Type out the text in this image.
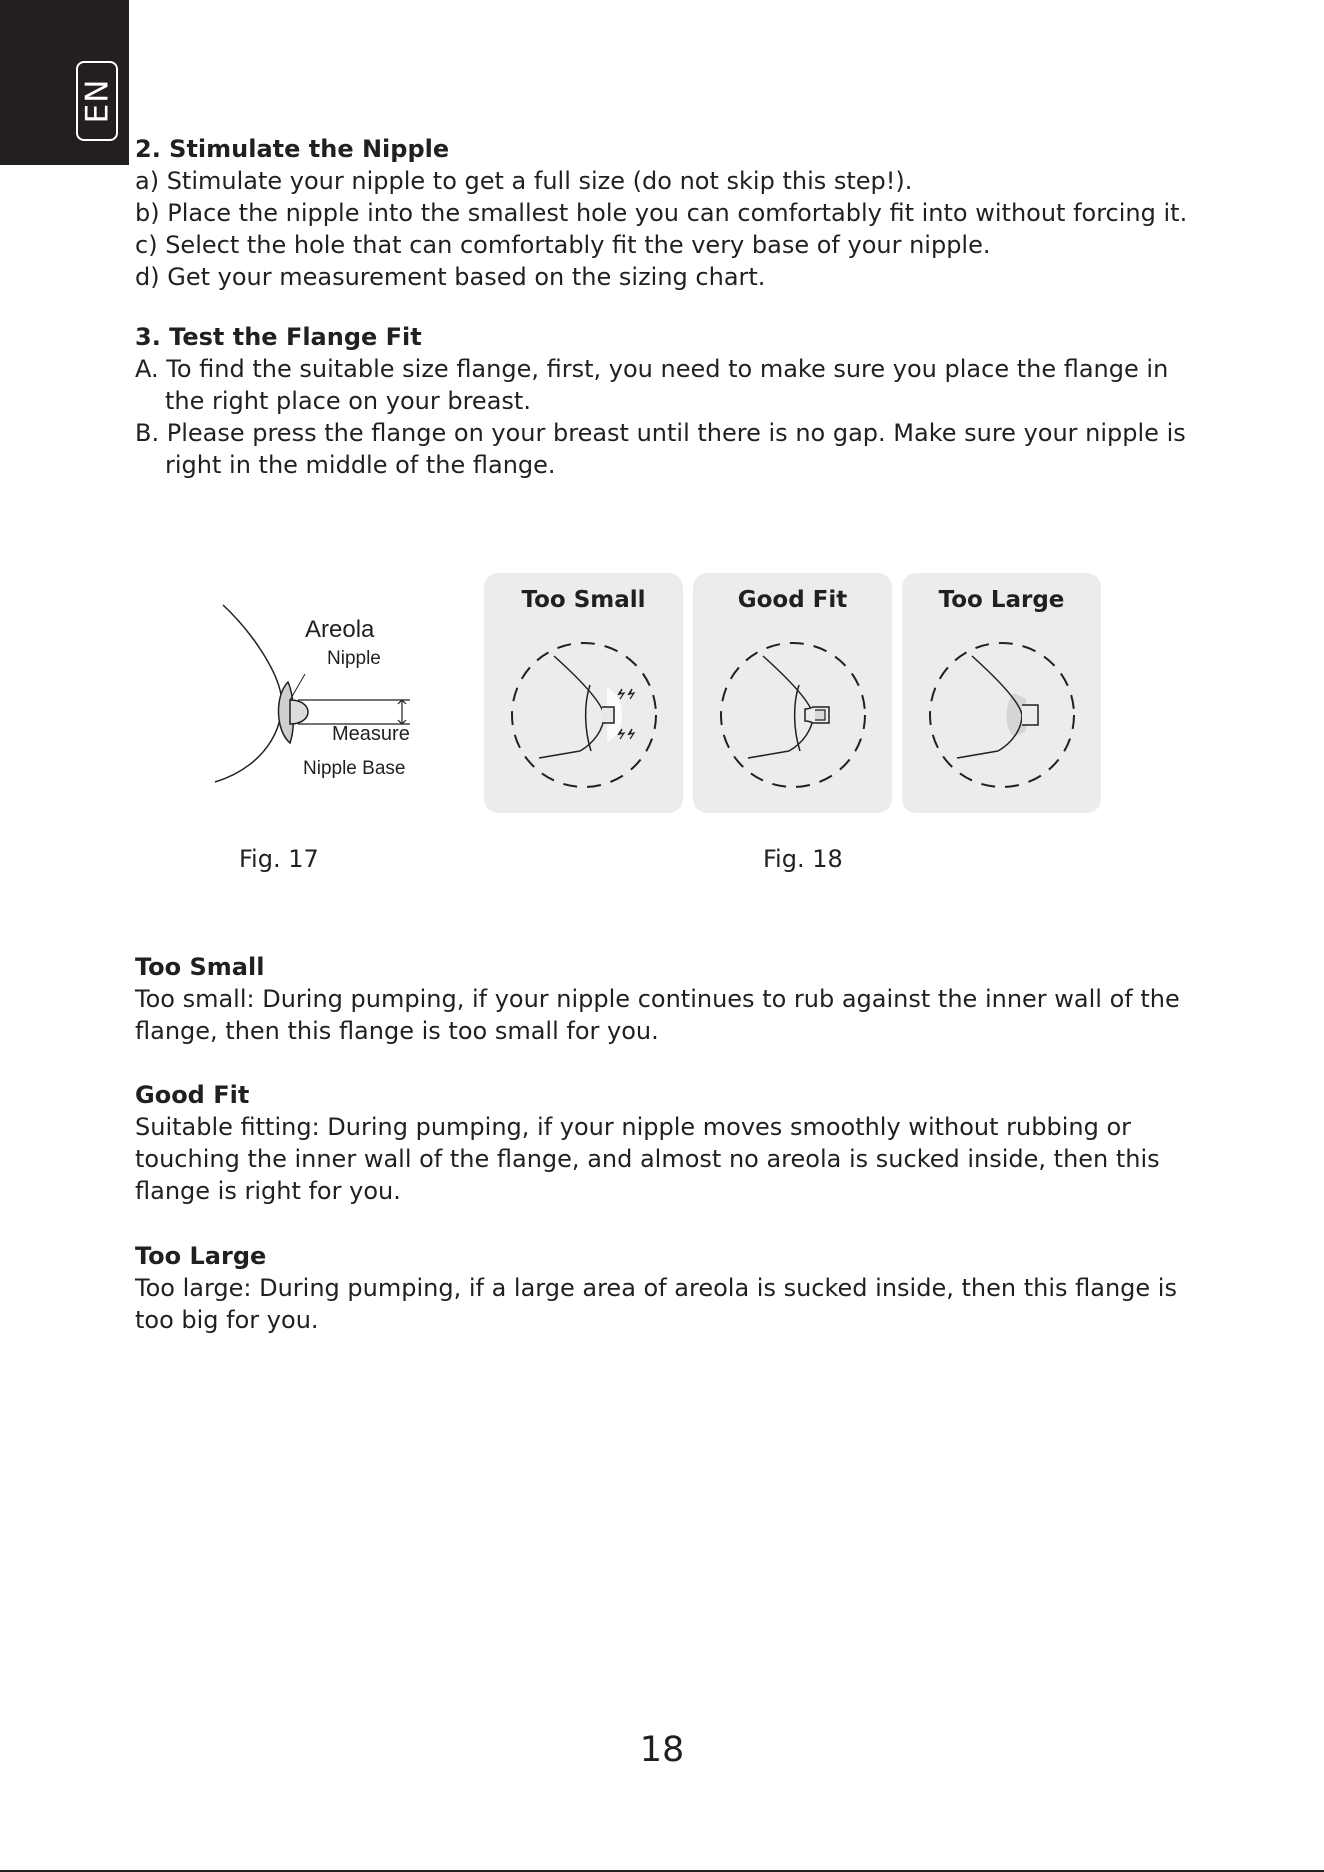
EN

2. Stimulate the Nipple

a) Stimulate your nipple to get a full size (do not skip this step!).

b) Place the nipple into the smallest hole you can comfortably fit into without forcing it.

c) Select the hole that can comfortably fit the very base of your nipple.

d) Get your measurement based on the sizing chart.

3. Test the Flange Fit

A. To find the suitable size flange, first, you need to make sure you place the flange in

the right place on your breast.

B. Please press the flange on your breast until there is no gap. Make sure your nipple is

right in the middle of the flange.

Areola
Nipple
Measure
Nipple Base
Too Small	Good Fit	Too Large

Fig. 17	Fig. 18

Too Small

Too small: During pumping, if your nipple continues to rub against the inner wall of the

flange, then this flange is too small for you.

Good Fit

Suitable fitting: During pumping, if your nipple moves smoothly without rubbing or

touching the inner wall of the flange, and almost no areola is sucked inside, then this

flange is right for you.

Too Large

Too large: During pumping, if a large area of areola is sucked inside, then this flange is

too big for you.

18
